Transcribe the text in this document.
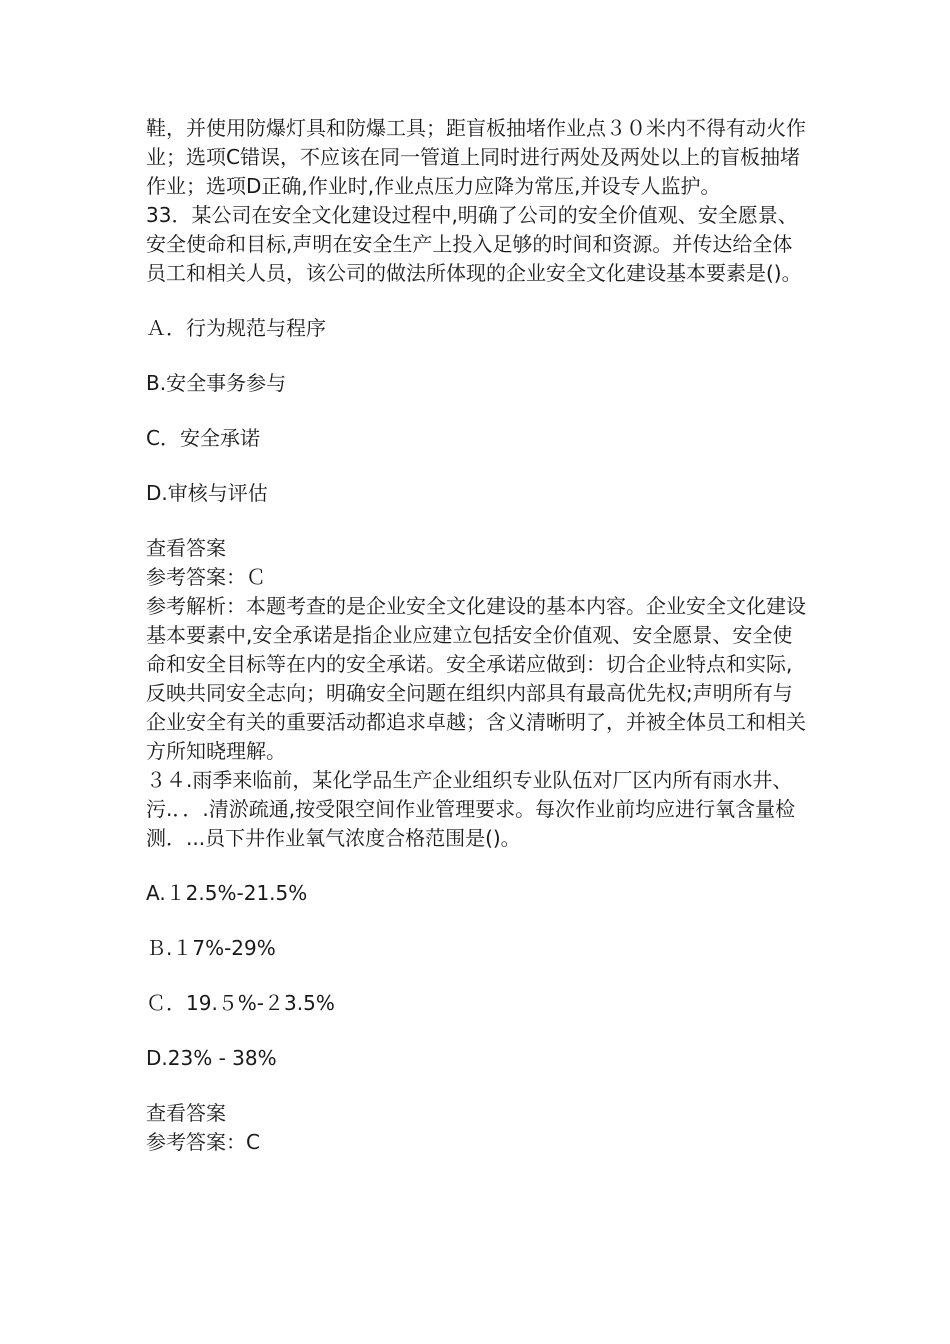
鞋，并使用防爆灯具和防爆工具；距盲板抽堵作业点３０米内不得有动火作业；选项C错误，不应该在同一管道上同时进行两处及两处以上的盲板抽堵作业；选项D正确,作业时,作业点压力应降为常压,并设专人监护。

33．某公司在安全文化建设过程中,明确了公司的安全价值观、安全愿景、安全使命和目标,声明在安全生产上投入足够的时间和资源。并传达给全体员工和相关人员，该公司的做法所体现的企业安全文化建设基本要素是()。

Ａ．行为规范与程序

B.安全事务参与

C．安全承诺

D.审核与评估

查看答案

参考答案：Ｃ

参考解析：本题考查的是企业安全文化建设的基本内容。企业安全文化建设基本要素中,安全承诺是指企业应建立包括安全价值观、安全愿景、安全使命和安全目标等在内的安全承诺。安全承诺应做到：切合企业特点和实际,反映共同安全志向；明确安全问题在组织内部具有最高优先权;声明所有与企业安全有关的重要活动都追求卓越；含义清晰明了，并被全体员工和相关方所知晓理解。

３４.雨季来临前，某化学品生产企业组织专业队伍对厂区内所有雨水井、污.．．.清淤疏通,按受限空间作业管理要求。每次作业前均应进行氧含量检测．...员下井作业氧气浓度合格范围是()。

A.１2.5%-21.5%

Ｂ.１7%-29%

Ｃ．19.５%-２3.5%

D.23% - 38%

查看答案

参考答案：C
